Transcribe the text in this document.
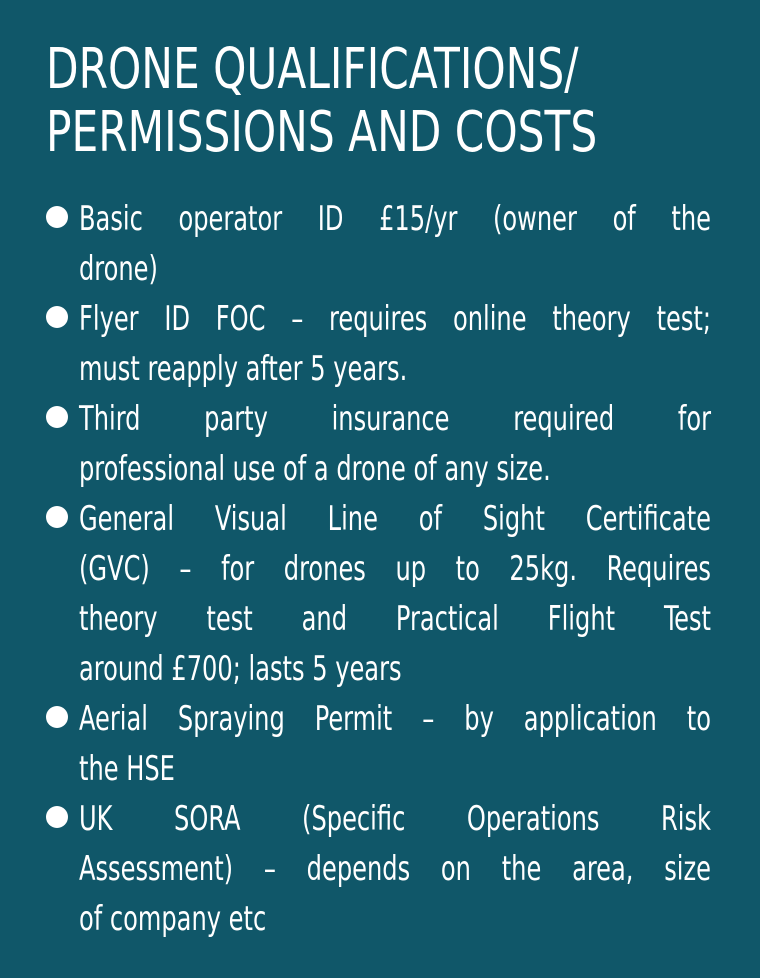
DRONE QUALIFICATIONS/
PERMISSIONS AND COSTS
Basic operator ID £15/yr (owner of the
drone)
Flyer ID FOC – requires online theory test;
must reapply after 5 years.
Third party insurance required for
professional use of a drone of any size.
General Visual Line of Sight Certificate
(GVC) – for drones up to 25kg. Requires
theory test and Practical Flight Test
around £700; lasts 5 years
Aerial Spraying Permit – by application to
the HSE
UK SORA (Specific Operations Risk
Assessment) – depends on the area, size
of company etc
